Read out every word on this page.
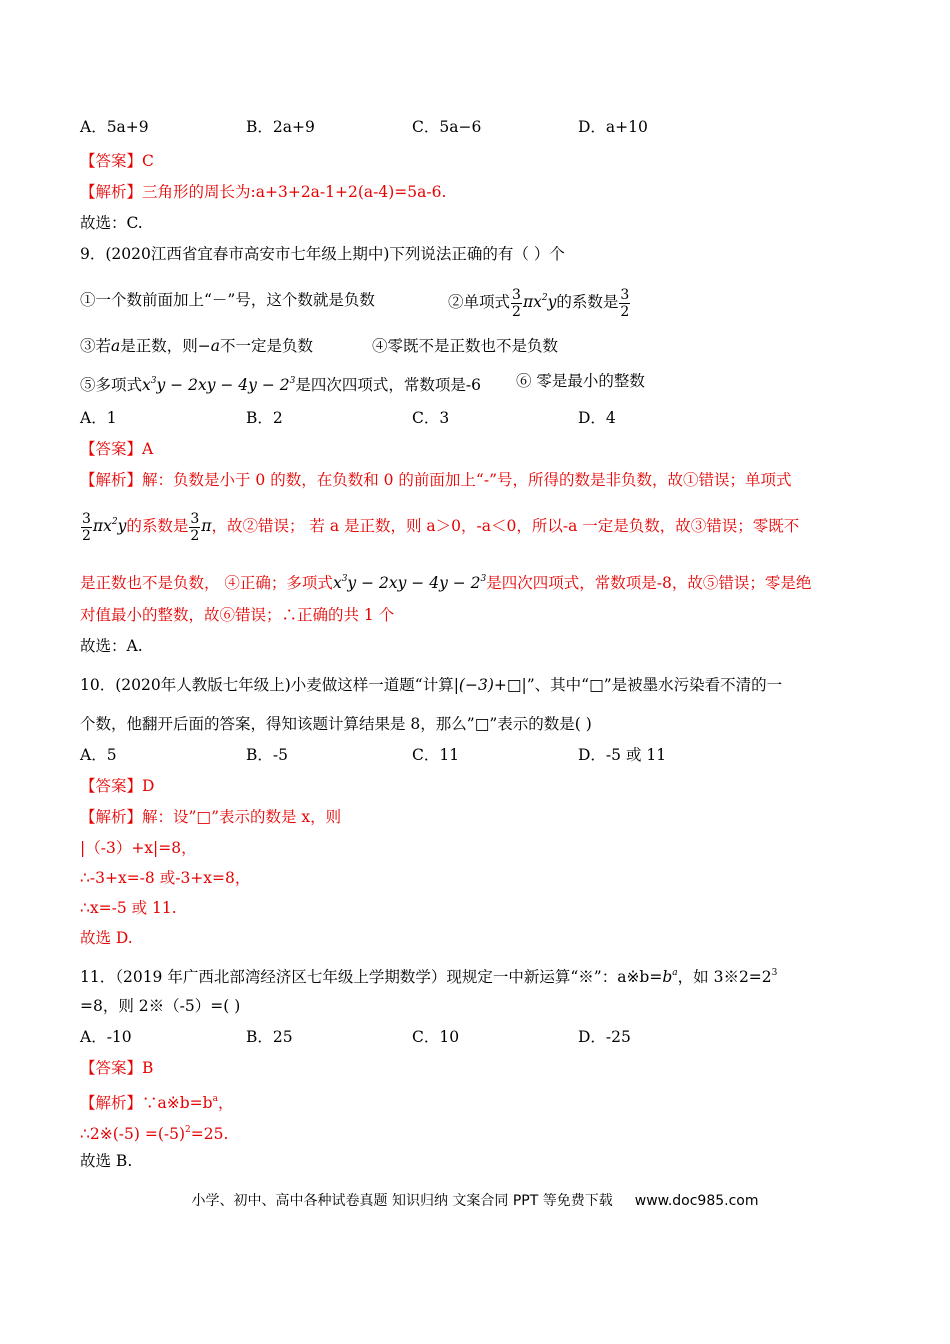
A．5a+9	B．2a+9	C．5a−6	D．a+10
【答案】C
【解析】三角形的周长为:a+3+2a-1+2(a-4)=5a-6.
故选：C.
9．(2020江西省宜春市高安市七年级上期中)下列说法正确的有（ ）个
①一个数前面加上“－”号，这个数就是负数	②单项式 $\frac{3}{2} \pi x^2y$的系数是 $\frac{3}{2}$
③若a是正数，则−a不一定是负数	④零既不是正数也不是负数
⑤多项式$x^3y - 2xy - 4y - 2^3$是四次四项式，常数项是-6 ⑥ 零是最小的整数
A．1	B．2	C．3	D．4
【答案】A
【解析】解：负数是小于 0 的数，在负数和 0 的前面加上“-”号，所得的数是非负数，故①错误；单项式
$\frac{3}{2} \pi x^2y$的系数是 $\frac{3}{2}$ π，故②错误； 若 a 是正数，则 a＞0，-a＜0，所以-a 一定是负数，故③错误；零既不
是正数也不是负数， ④正确；多项式$x^3y - 2xy - 4y - 2^3$是四次四项式，常数项是-8，故⑤错误；零是绝
对值最小的整数，故⑥错误；∴正确的共 1 个
故选：A.
10．(2020年人教版七年级上)小麦做这样一道题“计算|(−3)+□|”、其中“□”是被墨水污染看不清的一
个数，他翻开后面的答案，得知该题计算结果是 8，那么”□”表示的数是( )
A．5	B．-5	C．11	D．-5 或 11
【答案】D
【解析】解：设”□”表示的数是 x，则
|（-3）+x|=8，
∴-3+x=-8 或-3+x=8，
∴x=-5 或 11.
故选 D.
11．（2019 年广西北部湾经济区七年级上学期数学）现规定一中新运算“※”：$a※b=b^a$，如 $3※2=2^3$
=8，则 2※（-5）=( )
A．-10	B．25	C．10	D．-25
【答案】B
【解析】$\because a※b=b^a$，
∴2※(-5) $=(-5)^2=25$.
故选 B.
小学、初中、高中各种试卷真题 知识归纳 文案合同 PPT 等免费下载 www.doc985.com
